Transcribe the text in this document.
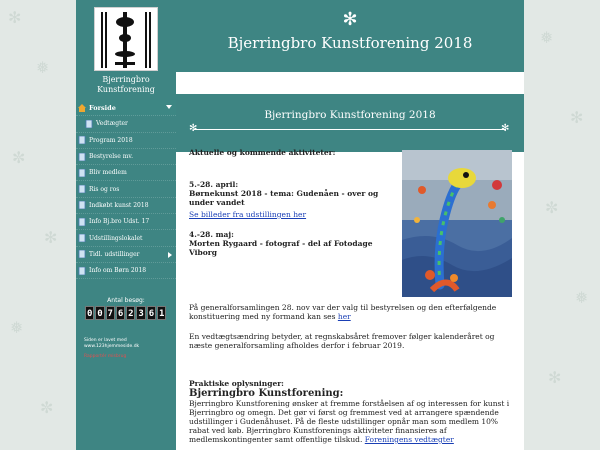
✻
❅
✼
✻
❅
✼
❅
✻
✼
❅
✻
Bjerringbro
Kunstforening
Forside
Vedtægter
Program 2018
Bestyrelse mv.
Bliv medlem
Ris og ros
Indkøbt kunst 2018
Info Bj.bro Udst. 17
Udstillingslokalet
Tidl. udstillinger
Info om Børn 2018
Antal besøg:
0 0 7 6 2 3 6 1
Siden er lavet med
www.123hjemmeside.dk
Rapportér misbrug
✻
Bjerringbro Kunstforening 2018
Bjerringbro Kunstforening 2018
✻	✻
Aktuelle og kommende aktiviteter:
5.-28. april:
Børnekunst 2018 - tema: Gudenåen - over og under vandet
Se billeder fra udstillingen her
4.-28. maj:
Morten Rygaard - fotograf - del af Fotodage Viborg
På generalforsamlingen 28. nov var der valg til bestyrelsen og den efterfølgende konstituering med ny formand kan ses her
En vedtægtsændring betyder, at regnskabsåret fremover følger kalenderåret og næste generalforsamling afholdes derfor i februar 2019.
Praktiske oplysninger:
Bjerringbro Kunstforening:
Bjerringbro Kunstforening ønsker at fremme forståelsen af og interessen for kunst i Bjerringbro og omegn. Det gør vi først og fremmest ved at arrangere spændende udstillinger i Gudenåhuset. På de fleste udstillinger opnår man som medlem 10% rabat ved køb. Bjerringbro Kunstforenings aktiviteter finansieres af medlemskontingenter samt offentlige tilskud. Foreningens vedtægter
